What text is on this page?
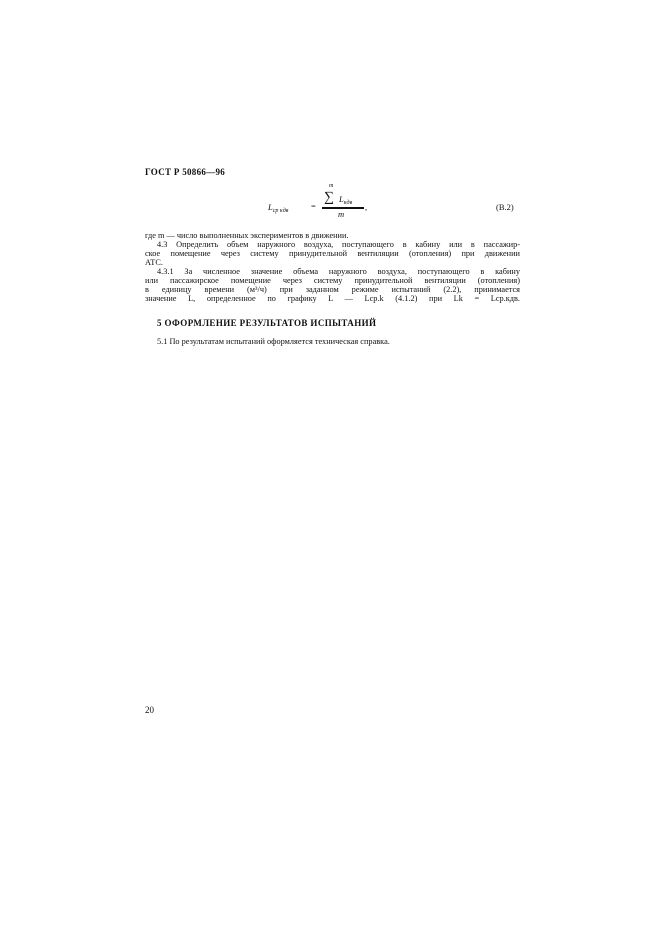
ГОСТ Р 50866—96
$L_{ср кдв}$	=
m
∑ $L_{кдв}$
m
,	(В.2)
где m — число выполненных экспериментов в движении.
4.3 Определить объем наружного воздуха, поступающего в кабину или в пассажир-
ское помещение через систему принудительной вентиляции (отопления) при движении
АТС.
4.3.1 За численное значение объема наружного воздуха, поступающего в кабину
или пассажирское помещение через систему принудительной вентиляции (отопления)
в единицу времени (м³/ч) при заданном режиме испытаний (2.2), принимается
значение L, определенное по графику L — Lср.k (4.1.2) при Lk = Lср.кдв.
5 ОФОРМЛЕНИЕ РЕЗУЛЬТАТОВ ИСПЫТАНИЙ
5.1 По результатам испытаний оформляется техническая справка.
20
